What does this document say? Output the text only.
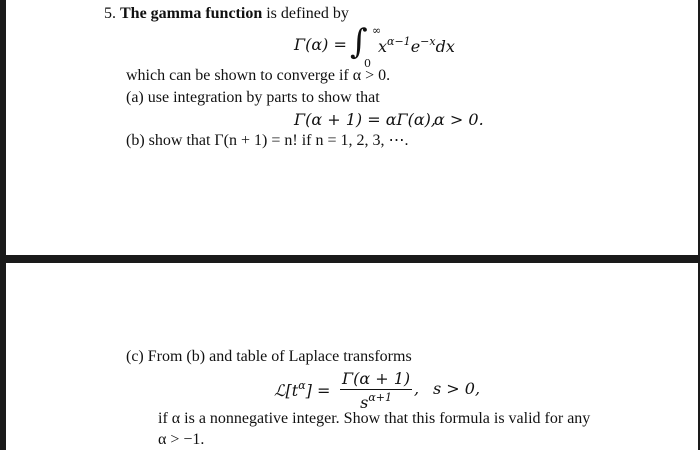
5. The gamma function is defined by
Γ(α) = ∫ ∞
0
$x^{\alpha-1}e^{-x}dx$
which can be shown to converge if α > 0.
(a) use integration by parts to show that
Γ(α + 1) = αΓ(α),
α > 0.
(b) show that Γ(n + 1) = n! if n = 1, 2, 3, ⋯.
(c) From (b) and table of Laplace transforms
$ℒ[t^\alpha] = \frac{\Gamma(\alpha + 1)}{s^{\alpha+1}}$ , s > 0,
if α is a nonnegative integer. Show that this formula is valid for any
α > −1.
